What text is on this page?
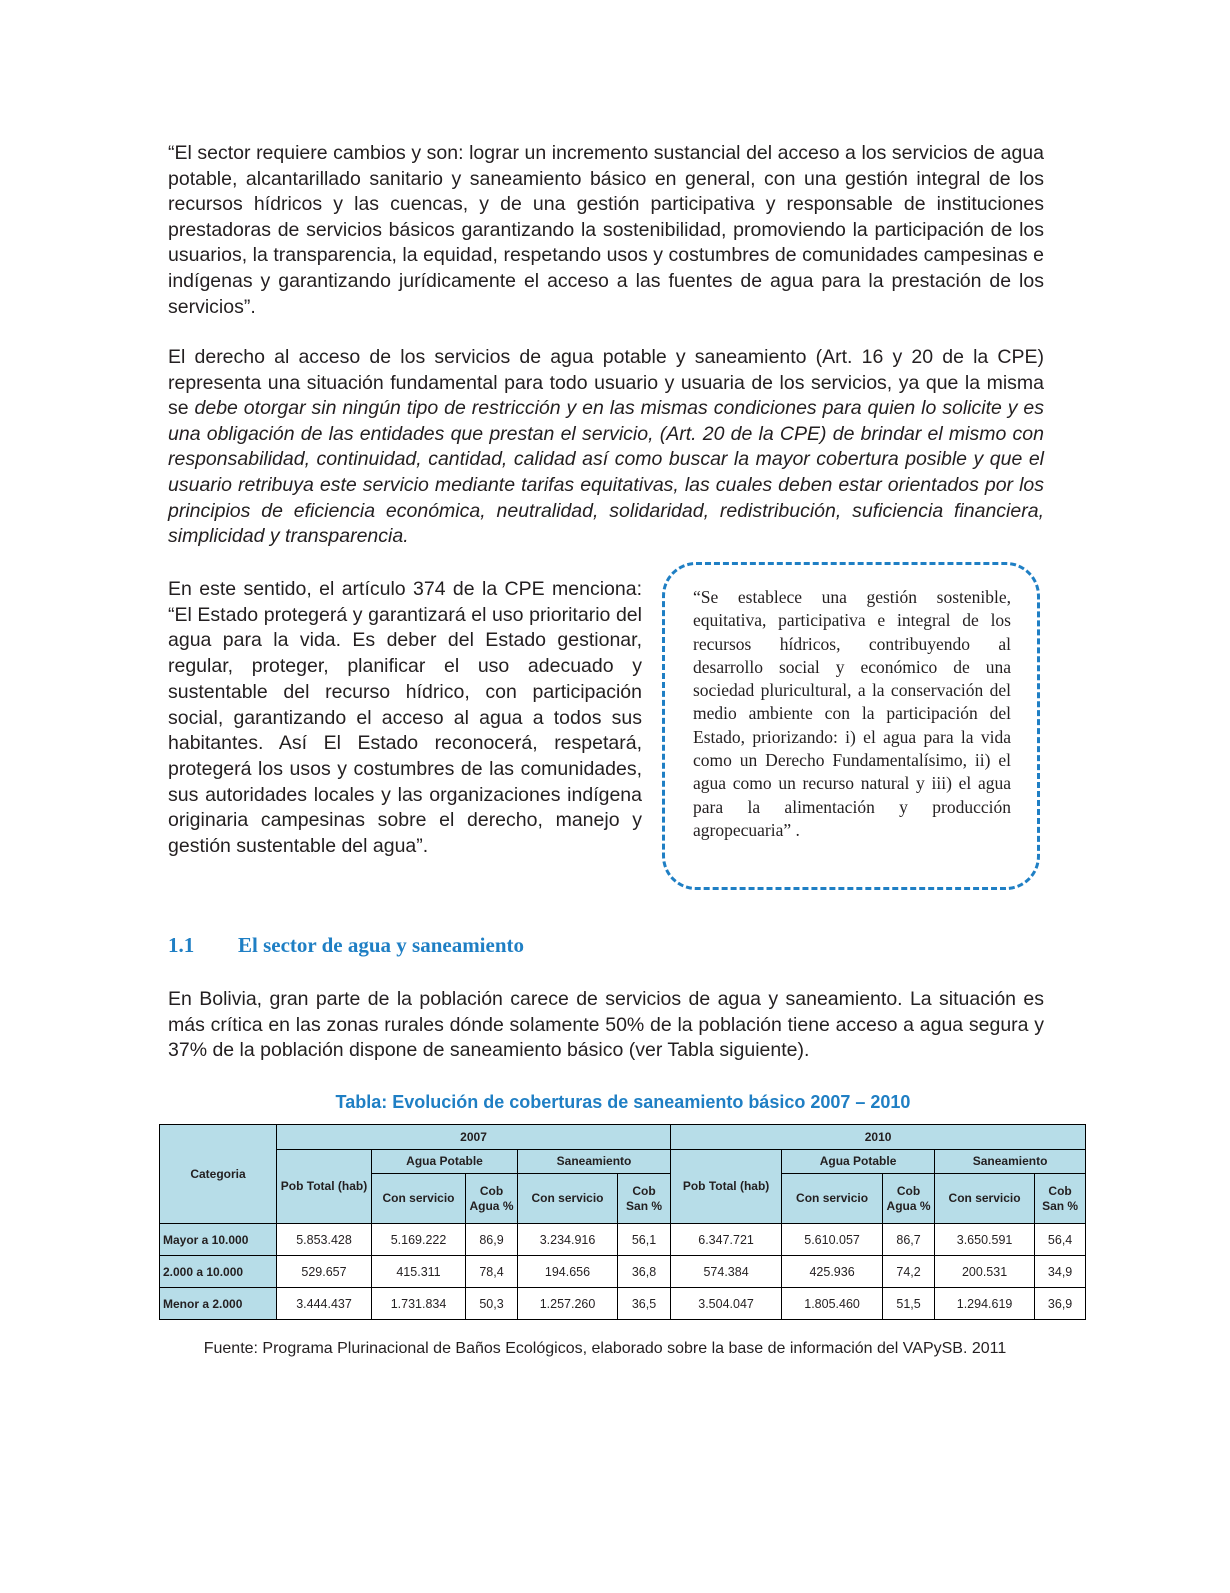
“El sector requiere cambios y son: lograr un incremento sustancial del acceso a los servicios de agua potable, alcantarillado sanitario y saneamiento básico en general, con una gestión integral de los recursos hídricos y las cuencas, y de una gestión participativa y responsable de instituciones prestadoras de servicios básicos garantizando la sostenibilidad, promoviendo la participación de los usuarios, la transparencia, la equidad, respetando usos y costumbres de comunidades campesinas e indígenas y garantizando jurídicamente el acceso a las fuentes de agua para la prestación de los servicios”.

El derecho al acceso de los servicios de agua potable y saneamiento (Art. 16 y 20 de la CPE) representa una situación fundamental para todo usuario y usuaria de los servicios, ya que la misma se debe otorgar sin ningún tipo de restricción y en las mismas condiciones para quien lo solicite y es una obligación de las entidades que prestan el servicio, (Art. 20 de la CPE) de brindar el mismo con responsabilidad, continuidad, cantidad, calidad así como buscar la mayor cobertura posible y que el usuario retribuya este servicio mediante tarifas equitativas, las cuales deben estar orientados por los principios de eficiencia económica, neutralidad, solidaridad, redistribución, suficiencia financiera, simplicidad y transparencia.

En este sentido, el artículo 374 de la CPE menciona: “El Estado protegerá y garantizará el uso prioritario del agua para la vida. Es deber del Estado gestionar, regular, proteger, planificar el uso adecuado y sustentable del recurso hídrico, con participación social, garantizando el acceso al agua a todos sus habitantes. Así El Estado reconocerá, respetará, protegerá los usos y costumbres de las comunidades, sus autoridades locales y las organizaciones indígena originaria campesinas sobre el derecho, manejo y gestión sustentable del agua”.

“Se establece una gestión sostenible, equitativa, participativa e integral de los recursos hídricos, contribuyendo al desarrollo social y económico de una sociedad pluricultural, a la conservación del medio ambiente con la participación del Estado, priorizando: i) el agua para la vida como un Derecho Fundamentalísimo, ii) el agua como un recurso natural y iii) el agua para la alimentación y producción agropecuaria” .

1.1	El sector de agua y saneamiento

En Bolivia, gran parte de la población carece de servicios de agua y saneamiento. La situación es más crítica en las zonas rurales dónde solamente 50% de la población tiene acceso a agua segura y 37% de la población dispone de saneamiento básico (ver Tabla siguiente).

Tabla: Evolución de coberturas de saneamiento básico 2007 – 2010
Categoria	2007					2010				
	Pob Total (hab)	Agua Potable		Saneamiento		Pob Total (hab)	Agua Potable		Saneamiento	
		Con servicio	Cob Agua %	Con servicio	Cob San %		Con servicio	Cob Agua %	Con servicio	Cob San %
Mayor a 10.000	5.853.428	5.169.222	86,9	3.234.916	56,1	6.347.721	5.610.057	86,7	3.650.591	56,4
2.000 a 10.000	529.657	415.311	78,4	194.656	36,8	574.384	425.936	74,2	200.531	34,9
Menor a 2.000	3.444.437	1.731.834	50,3	1.257.260	36,5	3.504.047	1.805.460	51,5	1.294.619	36,9
Fuente: Programa Plurinacional de Baños Ecológicos, elaborado sobre la base de información del VAPySB. 2011
